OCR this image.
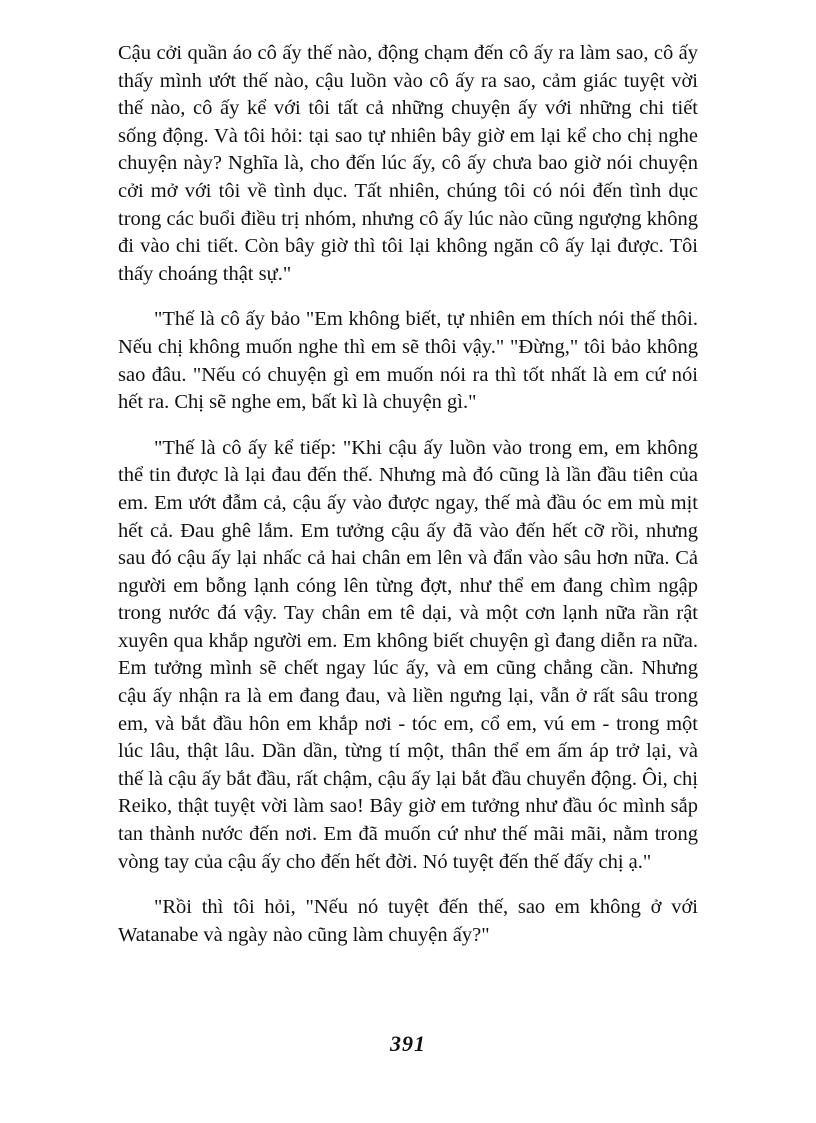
Cậu cởi quần áo cô ấy thế nào, động chạm đến cô ấy ra làm sao, cô ấy thấy mình ướt thế nào, cậu luồn vào cô ấy ra sao, cảm giác tuyệt vời thế nào, cô ấy kể với tôi tất cả những chuyện ấy với những chi tiết sống động. Và tôi hỏi: tại sao tự nhiên bây giờ em lại kể cho chị nghe chuyện này? Nghĩa là, cho đến lúc ấy, cô ấy chưa bao giờ nói chuyện cởi mở với tôi về tình dục. Tất nhiên, chúng tôi có nói đến tình dục trong các buổi điều trị nhóm, nhưng cô ấy lúc nào cũng ngượng không đi vào chi tiết. Còn bây giờ thì tôi lại không ngăn cô ấy lại được. Tôi thấy choáng thật sự."

"Thế là cô ấy bảo "Em không biết, tự nhiên em thích nói thế thôi. Nếu chị không muốn nghe thì em sẽ thôi vậy." "Đừng," tôi bảo không sao đâu. "Nếu có chuyện gì em muốn nói ra thì tốt nhất là em cứ nói hết ra. Chị sẽ nghe em, bất kì là chuyện gì."

"Thế là cô ấy kể tiếp: "Khi cậu ấy luồn vào trong em, em không thể tin được là lại đau đến thế. Nhưng mà đó cũng là lần đầu tiên của em. Em ướt đẫm cả, cậu ấy vào được ngay, thế mà đầu óc em mù mịt hết cả. Đau ghê lắm. Em tưởng cậu ấy đã vào đến hết cỡ rồi, nhưng sau đó cậu ấy lại nhấc cả hai chân em lên và đẩn vào sâu hơn nữa. Cả người em bỗng lạnh cóng lên từng đợt, như thể em đang chìm ngập trong nước đá vậy. Tay chân em tê dại, và một cơn lạnh nữa rần rật xuyên qua khắp người em. Em không biết chuyện gì đang diễn ra nữa. Em tưởng mình sẽ chết ngay lúc ấy, và em cũng chẳng cần. Nhưng cậu ấy nhận ra là em đang đau, và liền ngưng lại, vẫn ở rất sâu trong em, và bắt đầu hôn em khắp nơi - tóc em, cổ em, vú em - trong một lúc lâu, thật lâu. Dần dần, từng tí một, thân thể em ấm áp trở lại, và thế là cậu ấy bắt đầu, rất chậm, cậu ấy lại bắt đầu chuyển động. Ôi, chị Reiko, thật tuyệt vời làm sao! Bây giờ em tưởng như đầu óc mình sắp tan thành nước đến nơi. Em đã muốn cứ như thế mãi mãi, nằm trong vòng tay của cậu ấy cho đến hết đời. Nó tuyệt đến thế đấy chị ạ."

"Rồi thì tôi hỏi, "Nếu nó tuyệt đến thế, sao em không ở với Watanabe và ngày nào cũng làm chuyện ấy?"

391
